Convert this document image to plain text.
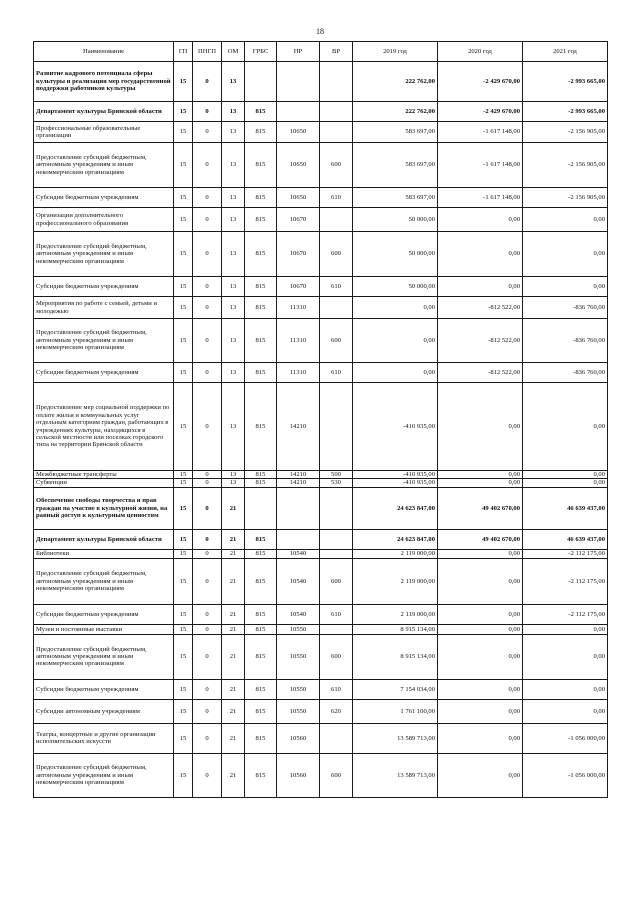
18
Наименование	ГП	ПНГП	ОМ	ГРБС	НР	ВР	2019 год	2020 год	2021 год
Развитие кадрового потенциала сферы культуры и реализация мер государственной поддержки работников культуры	15	0	13				222 762,00	-2 429 670,00	-2 993 665,00
Департамент культуры Брянской области	15	0	13	815			222 762,00	-2 429 670,00	-2 993 665,00
Профессиональные образовательные организации	15	0	13	815	10650		583 697,00	-1 617 148,00	-2 156 905,00
Предоставление субсидий бюджетным, автономным учреждениям и иным некоммерческим организациям	15	0	13	815	10650	600	583 697,00	-1 617 148,00	-2 156 905,00
Субсидии бюджетным учреждениям	15	0	13	815	10650	610	583 697,00	-1 617 148,00	-2 156 905,00
Организации дополнительного профессионального образования	15	0	13	815	10670		50 000,00	0,00	0,00
Предоставление субсидий бюджетным, автономным учреждениям и иным некоммерческим организациям	15	0	13	815	10670	600	50 000,00	0,00	0,00
Субсидии бюджетным учреждениям	15	0	13	815	10670	610	50 000,00	0,00	0,00
Мероприятия по работе с семьей, детьми и молодежью	15	0	13	815	11310		0,00	-812 522,00	-836 760,00
Предоставление субсидий бюджетным, автономным учреждениям и иным некоммерческим организациям	15	0	13	815	11310	600	0,00	-812 522,00	-836 760,00
Субсидии бюджетным учреждениям	15	0	13	815	11310	610	0,00	-812 522,00	-836 760,00
Предоставление мер социальной поддержки по оплате жилья и коммунальных услуг отдельным категориям граждан, работающих в учреждениях культуры, находящихся в сельской местности или поселках городского типа на территории Брянской области	15	0	13	815	14210		-410 935,00	0,00	0,00
Межбюджетные трансферты	15	0	13	815	14210	500	-410 935,00	0,00	0,00
Субвенции	15	0	13	815	14210	530	-410 935,00	0,00	0,00
Обеспечение свободы творчества и прав граждан на участие в культурной жизни, на равный доступ к культурным ценностям	15	0	21				24 623 847,00	49 402 670,00	46 639 437,00
Департамент культуры Брянской области	15	0	21	815			24 623 847,00	49 402 670,00	46 639 437,00
Библиотеки	15	0	21	815	10540		2 119 000,00	0,00	-2 112 175,00
Предоставление субсидий бюджетным, автономным учреждениям и иным некоммерческим организациям	15	0	21	815	10540	600	2 119 000,00	0,00	-2 112 175,00
Субсидии бюджетным учреждениям	15	0	21	815	10540	610	2 119 000,00	0,00	-2 112 175,00
Музеи и постоянные выставки	15	0	21	815	10550		8 915 134,00	0,00	0,00
Предоставление субсидий бюджетным, автономным учреждениям и иным некоммерческим организациям	15	0	21	815	10550	600	8 915 134,00	0,00	0,00
Субсидии бюджетным учреждениям	15	0	21	815	10550	610	7 154 034,00	0,00	0,00
Субсидии автономным учреждениям	15	0	21	815	10550	620	1 761 100,00	0,00	0,00
Театры, концертные и другие организации исполнительских искусств	15	0	21	815	10560		13 589 713,00	0,00	-1 056 000,00
Предоставление субсидий бюджетным, автономным учреждениям и иным некоммерческим организациям	15	0	21	815	10560	600	13 589 713,00	0,00	-1 056 000,00
